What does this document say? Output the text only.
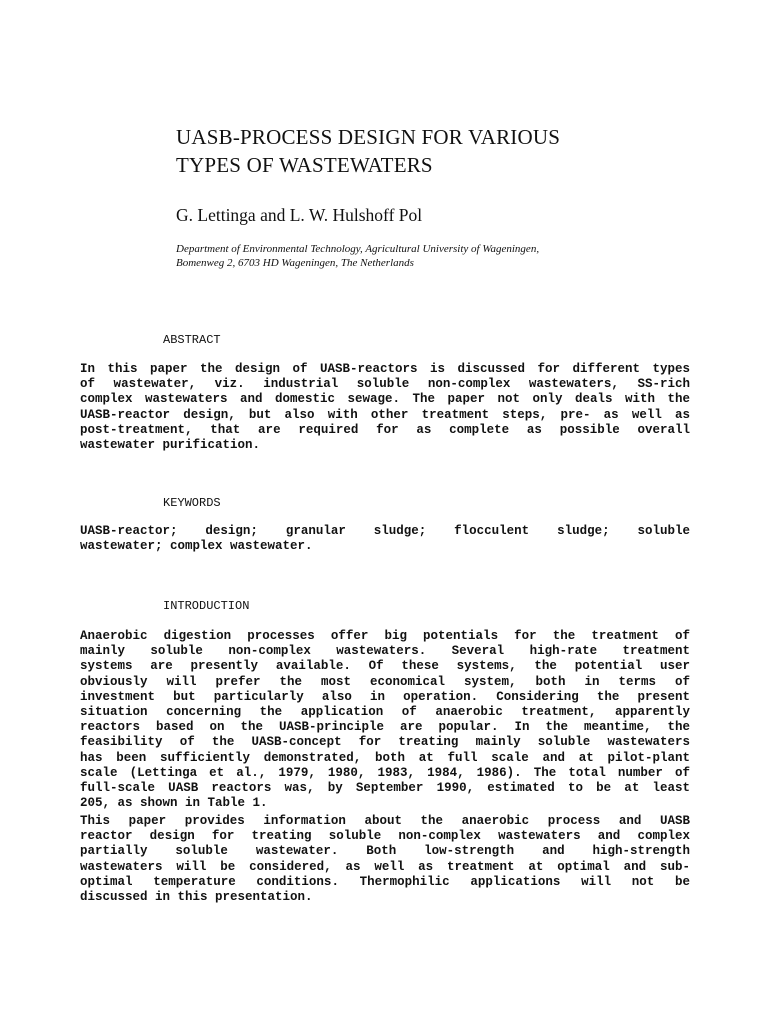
UASB-PROCESS DESIGN FOR VARIOUS
TYPES OF WASTEWATERS

G. Lettinga and L. W. Hulshoff Pol

Department of Environmental Technology, Agricultural University of Wageningen,
Bomenweg 2, 6703 HD Wageningen, The Netherlands

ABSTRACT
In this paper the design of UASB-reactors is discussed for different types
of wastewater, viz. industrial soluble non-complex wastewaters, SS-rich
complex wastewaters and domestic sewage. The paper not only deals with the
UASB-reactor design, but also with other treatment steps, pre- as well as
post-treatment, that are required for as complete as possible overall
wastewater purification.
KEYWORDS
UASB-reactor; design; granular sludge; flocculent sludge; soluble
wastewater; complex wastewater.
INTRODUCTION
Anaerobic digestion processes offer big potentials for the treatment of
mainly soluble non-complex wastewaters. Several high-rate treatment
systems are presently available. Of these systems, the potential user
obviously will prefer the most economical system, both in terms of
investment but particularly also in operation. Considering the present
situation concerning the application of anaerobic treatment, apparently
reactors based on the UASB-principle are popular. In the meantime, the
feasibility of the UASB-concept for treating mainly soluble wastewaters
has been sufficiently demonstrated, both at full scale and at pilot-plant
scale (Lettinga et al., 1979, 1980, 1983, 1984, 1986). The total number of
full-scale UASB reactors was, by September 1990, estimated to be at least
205, as shown in Table 1.
This paper provides information about the anaerobic process and UASB
reactor design for treating soluble non-complex wastewaters and complex
partially soluble wastewater. Both low-strength and high-strength
wastewaters will be considered, as well as treatment at optimal and sub-
optimal temperature conditions. Thermophilic applications will not be
discussed in this presentation.
